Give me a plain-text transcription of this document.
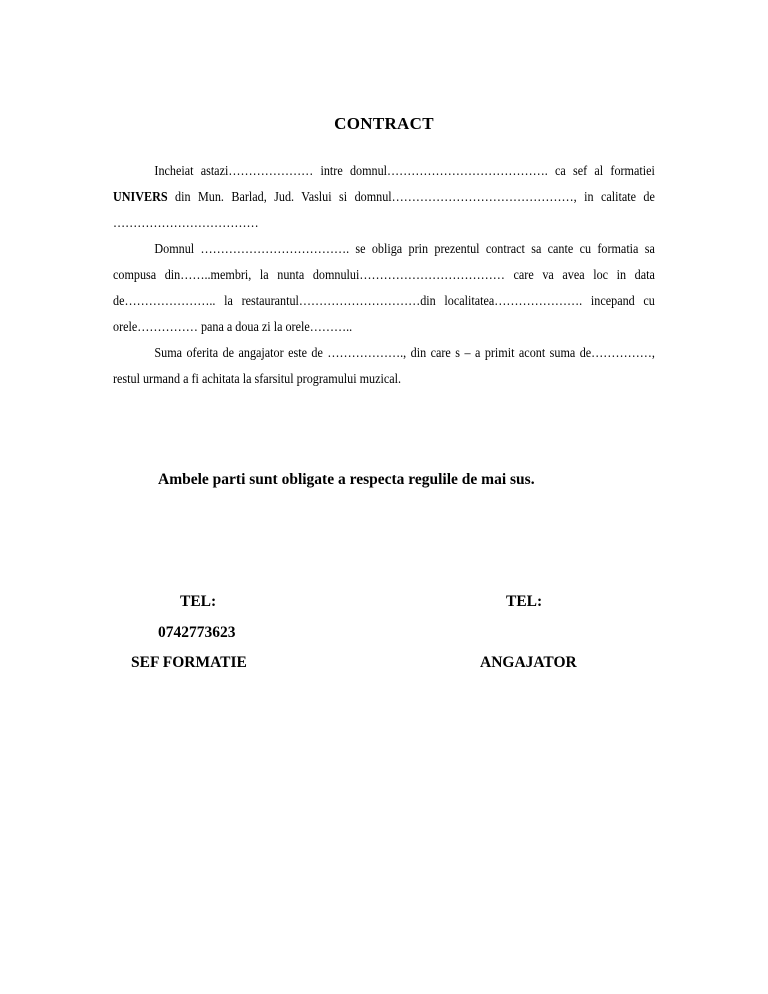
CONTRACT

Incheiat astazi………………… intre domnul…………………………………. ca sef al formatiei UNIVERS din Mun. Barlad, Jud. Vaslui si domnul………………………………………, in calitate de ………………………………

Domnul ………………………………. se obliga prin prezentul contract sa cante cu formatia sa compusa din……..membri, la nunta domnului……………………………… care va avea loc in data de………………….. la restaurantul…………………………din localitatea…………………. incepand cu orele…………… pana a doua zi la orele………..

Suma oferita de angajator este de ………………., din care s – a primit acont suma de……………, restul urmand a fi achitata la sfarsitul programului muzical.

Ambele parti sunt obligate a respecta regulile de mai sus.
TEL:
0742773623
SEF FORMATIE
TEL:
ANGAJATOR
